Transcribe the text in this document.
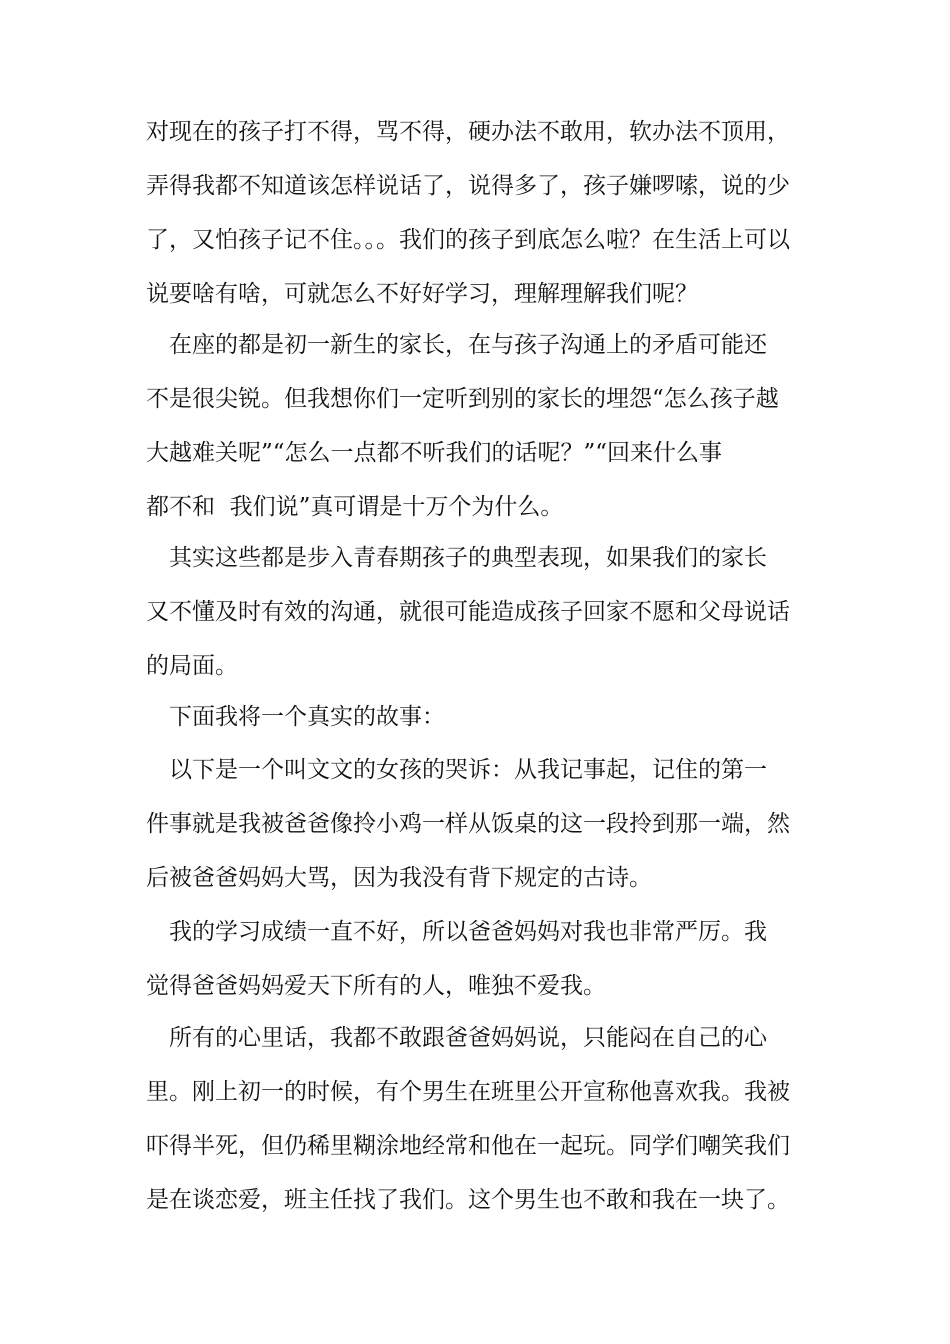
对现在的孩子打不得，骂不得，硬办法不敢用，软办法不顶用，
弄得我都不知道该怎样说话了，说得多了，孩子嫌啰嗦，说的少
了，又怕孩子记不住。。。我们的孩子到底怎么啦？在生活上可以
说要啥有啥，可就怎么不好好学习，理解理解我们呢？
　在座的都是初一新生的家长，在与孩子沟通上的矛盾可能还
不是很尖锐。但我想你们一定听到别的家长的埋怨“怎么孩子越
大越难关呢”“怎么一点都不听我们的话呢？”“回来什么事
都不和  我们说”真可谓是十万个为什么。
　其实这些都是步入青春期孩子的典型表现，如果我们的家长
又不懂及时有效的沟通，就很可能造成孩子回家不愿和父母说话
的局面。
　下面我将一个真实的故事：
　以下是一个叫文文的女孩的哭诉：从我记事起，记住的第一
件事就是我被爸爸像拎小鸡一样从饭桌的这一段拎到那一端，然
后被爸爸妈妈大骂，因为我没有背下规定的古诗。
　我的学习成绩一直不好，所以爸爸妈妈对我也非常严厉。我
觉得爸爸妈妈爱天下所有的人，唯独不爱我。
　所有的心里话，我都不敢跟爸爸妈妈说，只能闷在自己的心
里。刚上初一的时候，有个男生在班里公开宣称他喜欢我。我被
吓得半死，但仍稀里糊涂地经常和他在一起玩。同学们嘲笑我们
是在谈恋爱，班主任找了我们。这个男生也不敢和我在一块了。
